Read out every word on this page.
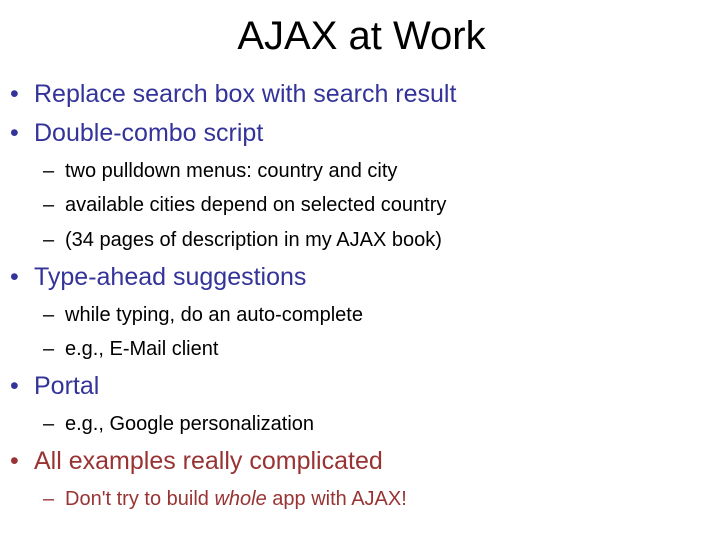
AJAX at Work
• Replace search box with search result
• Double-combo script
– two pulldown menus: country and city
– available cities depend on selected country
– (34 pages of description in my AJAX book)
• Type-ahead suggestions
– while typing, do an auto-complete
– e.g., E-Mail client
• Portal
– e.g., Google personalization
• All examples really complicated
– Don't try to build whole app with AJAX!
